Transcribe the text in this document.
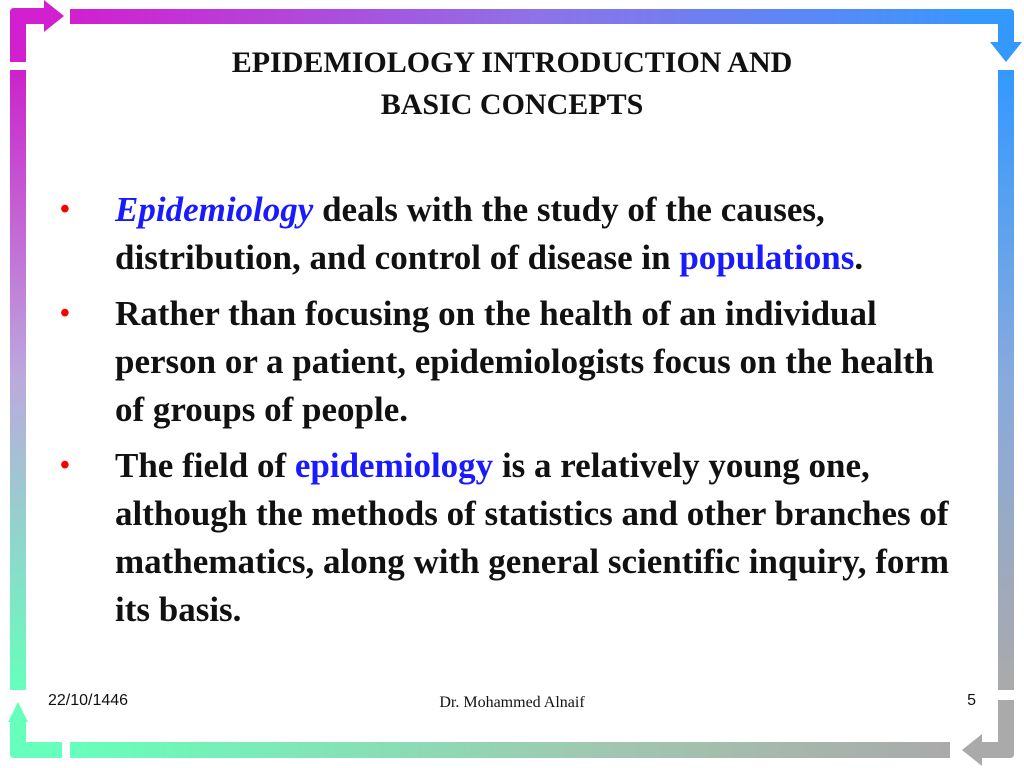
EPIDEMIOLOGY INTRODUCTION AND
BASIC CONCEPTS
• Epidemiology deals with the study of the causes, distribution, and control of disease in populations.
• Rather than focusing on the health of an individual person or a patient, epidemiologists focus on the health of groups of people.
• The field of epidemiology is a relatively young one, although the methods of statistics and other branches of mathematics, along with general scientific inquiry, form its basis.
22/10/1446	Dr. Mohammed Alnaif	5
